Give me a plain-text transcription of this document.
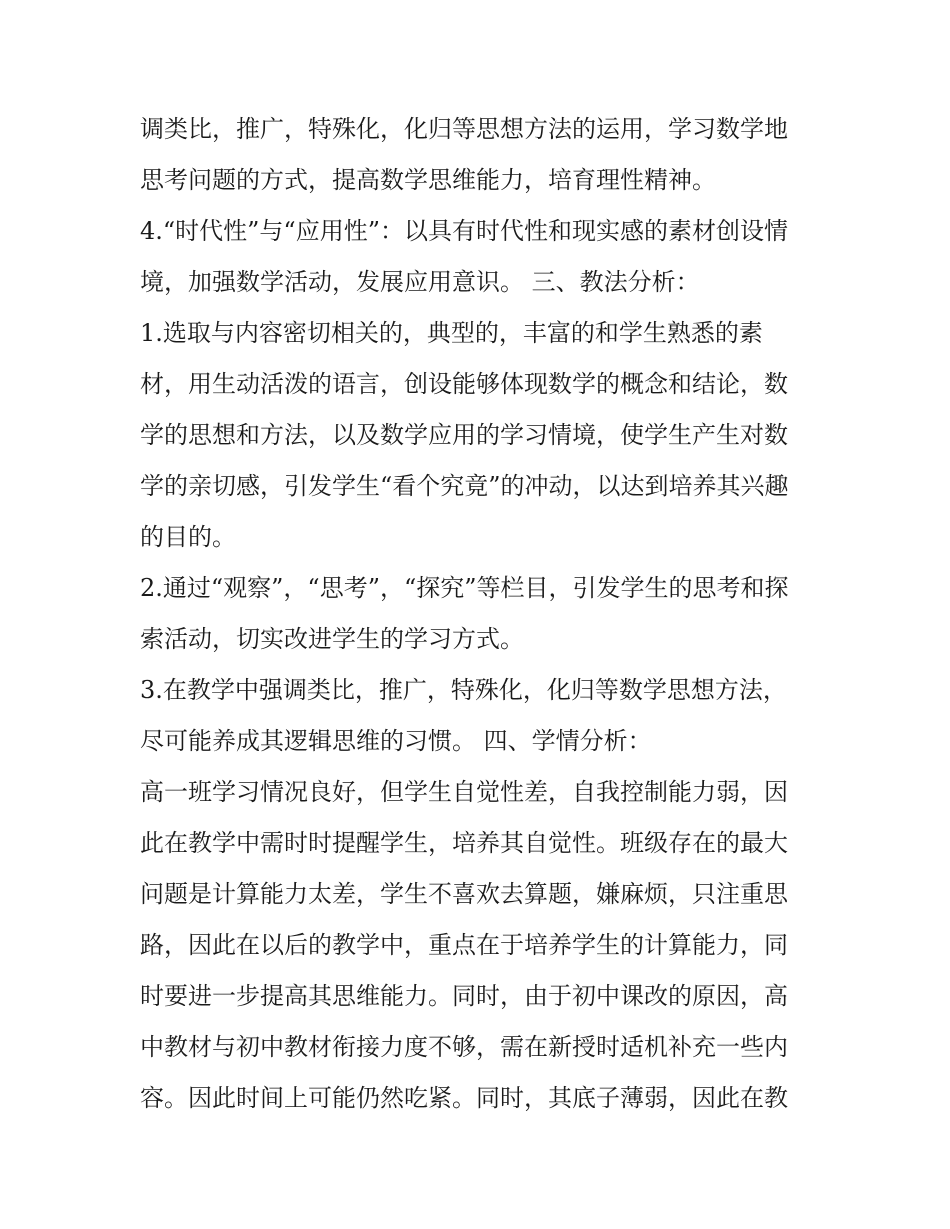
调类比，推广，特殊化，化归等思想方法的运用，学习数学地
思考问题的方式，提高数学思维能力，培育理性精神。
4.“时代性”与“应用性”：以具有时代性和现实感的素材创设情
境，加强数学活动，发展应用意识。 三、教法分析：
1.选取与内容密切相关的，典型的，丰富的和学生熟悉的素
材，用生动活泼的语言，创设能够体现数学的概念和结论，数
学的思想和方法，以及数学应用的学习情境，使学生产生对数
学的亲切感，引发学生“看个究竟”的冲动，以达到培养其兴趣
的目的。
2.通过“观察”，“思考”，“探究”等栏目，引发学生的思考和探
索活动，切实改进学生的学习方式。
3.在教学中强调类比，推广，特殊化，化归等数学思想方法，
尽可能养成其逻辑思维的习惯。 四、学情分析：
高一班学习情况良好，但学生自觉性差，自我控制能力弱，因
此在教学中需时时提醒学生，培养其自觉性。班级存在的最大
问题是计算能力太差，学生不喜欢去算题，嫌麻烦，只注重思
路，因此在以后的教学中，重点在于培养学生的计算能力，同
时要进一步提高其思维能力。同时，由于初中课改的原因，高
中教材与初中教材衔接力度不够，需在新授时适机补充一些内
容。因此时间上可能仍然吃紧。同时，其底子薄弱，因此在教
